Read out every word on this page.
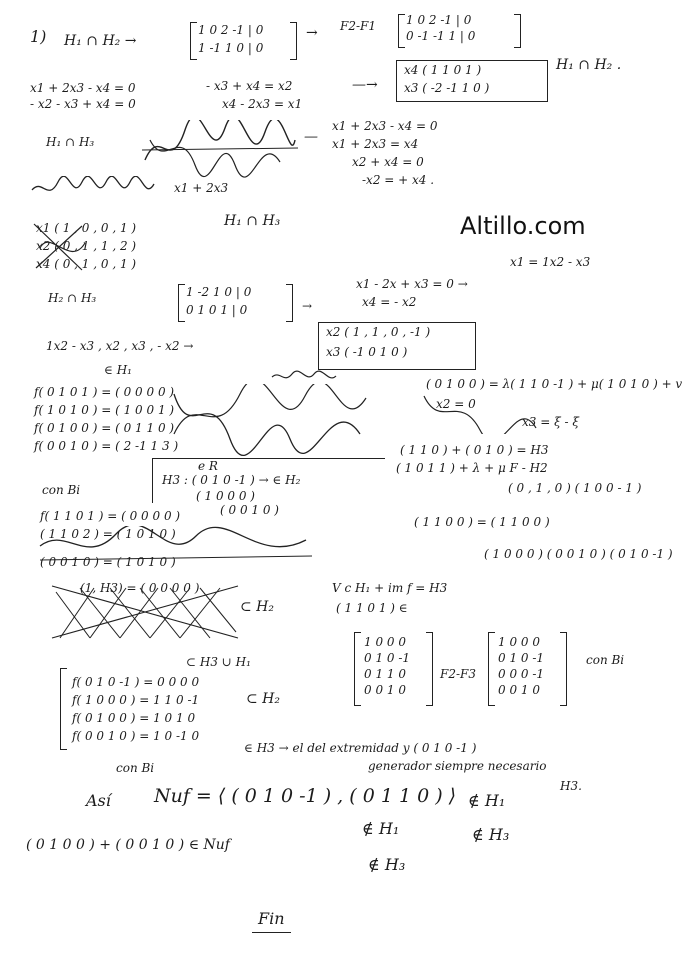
Altillo.com
1) H₁ ∩ H₂ →
1 0 2 -1 | 0
1 -1 1 0 | 0
→ F2-F1	1 0 2 -1 | 0
0 -1 -1 1 | 0
x1 + 2x3 - x4 = 0
- x2 - x3 + x4 = 0
- x3 + x4 = x2
x4 - 2x3 = x1
—→
x4 ( 1 1 0 1 )
x3 ( -2 -1 1 0 )
H₁ ∩ H₂ .
H₁ ∩ H₃	—
x1 + 2x3 - x4 = 0
x1 + 2x3 = x4
x2 + x4 = 0
-x2 = + x4 .
x1 + 2x3
x1 ( 1 , 0 , 0 , 1 )
x2 ( 0 , 1 , 1 , 2 )
x4 ( 0 , 1 , 0 , 1 )
H₁ ∩ H₃
x1 = 1x2 - x3
H₂ ∩ H₃	1 -2 1 0 | 0
0 1 0 1 | 0	→
x1 - 2x + x3 = 0 →
x4 = - x2
1x2 - x3 , x2 , x3 , - x2 →
x2 ( 1 , 1 , 0 , -1 )
x3 ( -1 0 1 0 )
∈ H₁
f( 0 1 0 1 ) = ( 0 0 0 0 )
f( 1 0 1 0 ) = ( 1 0 0 1 )
f( 0 1 0 0 ) = ( 0 1 1 0 )
f( 0 0 1 0 ) = ( 2 -1 1 3 )
( 0 1 0 0 ) = λ( 1 1 0 -1 ) + μ( 1 0 1 0 ) + v
x2 = 0
x3 = ξ - ξ
( 1 1 0 ) + ( 0 1 0 ) = H3
( 1 0 1 1 ) + λ + μ F - H2
( 0 , 1 , 0 ) ( 1 0 0 - 1 )
con Bi
e R
H3 : ( 0 1 0 -1 ) → ∈ H₂
( 1 0 0 0 )
f( 1 1 0 1 ) = ( 0 0 0 0 )	( 0 0 1 0 )
( 1 1 0 2 ) = ( 1 0 1 0 )
( 1 1 0 0 ) = ( 1 1 0 0 )
( 0 0 1 0 ) = ( 1 0 1 0 )
( 1 0 0 0 ) ( 0 0 1 0 ) ( 0 1 0 -1 )
(1, H3) = ( 0 0 0 0 )
⊂ H₂
V c H₁ + im f = H3
( 1 1 0 1 ) ∈
⊂ H3 ∪ H₁
1 0 0 0
0 1 0 -1
0 1 1 0
0 0 1 0
F2-F3
1 0 0 0
0 1 0 -1
0 0 0 -1
0 0 1 0
con Bi
f( 0 1 0 -1 ) = 0 0 0 0
f( 1 0 0 0 ) = 1 1 0 -1
f( 0 1 0 0 ) = 1 0 1 0
f( 0 0 1 0 ) = 1 0 -1 0
⊂ H₂
∈ H3 → el del extremidad y ( 0 1 0 -1 )
generador siempre necesario
H3.
con Bi
Así Nuf = ⟨ ( 0 1 0 -1 ) , ( 0 1 1 0 ) ⟩ ∉ H₁
∉ H₁	∉ H₃
∉ H₃
( 0 1 0 0 ) + ( 0 0 1 0 ) ∈ Nuf
Fin
